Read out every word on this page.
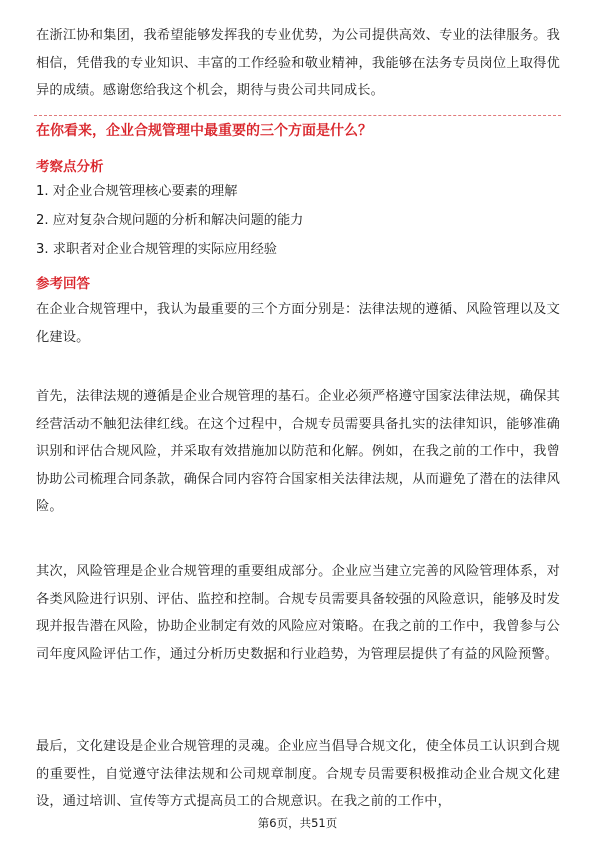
在浙江协和集团，我希望能够发挥我的专业优势，为公司提供高效、专业的法律服务。我相信，凭借我的专业知识、丰富的工作经验和敬业精神，我能够在法务专员岗位上取得优异的成绩。感谢您给我这个机会，期待与贵公司共同成长。

在你看来，企业合规管理中最重要的三个方面是什么？

考察点分析

1. 对企业合规管理核心要素的理解

2. 应对复杂合规问题的分析和解决问题的能力

3. 求职者对企业合规管理的实际应用经验

参考回答

在企业合规管理中，我认为最重要的三个方面分别是：法律法规的遵循、风险管理以及文化建设。

首先，法律法规的遵循是企业合规管理的基石。企业必须严格遵守国家法律法规，确保其经营活动不触犯法律红线。在这个过程中，合规专员需要具备扎实的法律知识，能够准确识别和评估合规风险，并采取有效措施加以防范和化解。例如，在我之前的工作中，我曾协助公司梳理合同条款，确保合同内容符合国家相关法律法规，从而避免了潜在的法律风险。

其次，风险管理是企业合规管理的重要组成部分。企业应当建立完善的风险管理体系，对各类风险进行识别、评估、监控和控制。合规专员需要具备较强的风险意识，能够及时发现并报告潜在风险，协助企业制定有效的风险应对策略。在我之前的工作中，我曾参与公司年度风险评估工作，通过分析历史数据和行业趋势，为管理层提供了有益的风险预警。

最后，文化建设是企业合规管理的灵魂。企业应当倡导合规文化，使全体员工认识到合规的重要性，自觉遵守法律法规和公司规章制度。合规专员需要积极推动企业合规文化建设，通过培训、宣传等方式提高员工的合规意识。在我之前的工作中，

第6页，共51页
